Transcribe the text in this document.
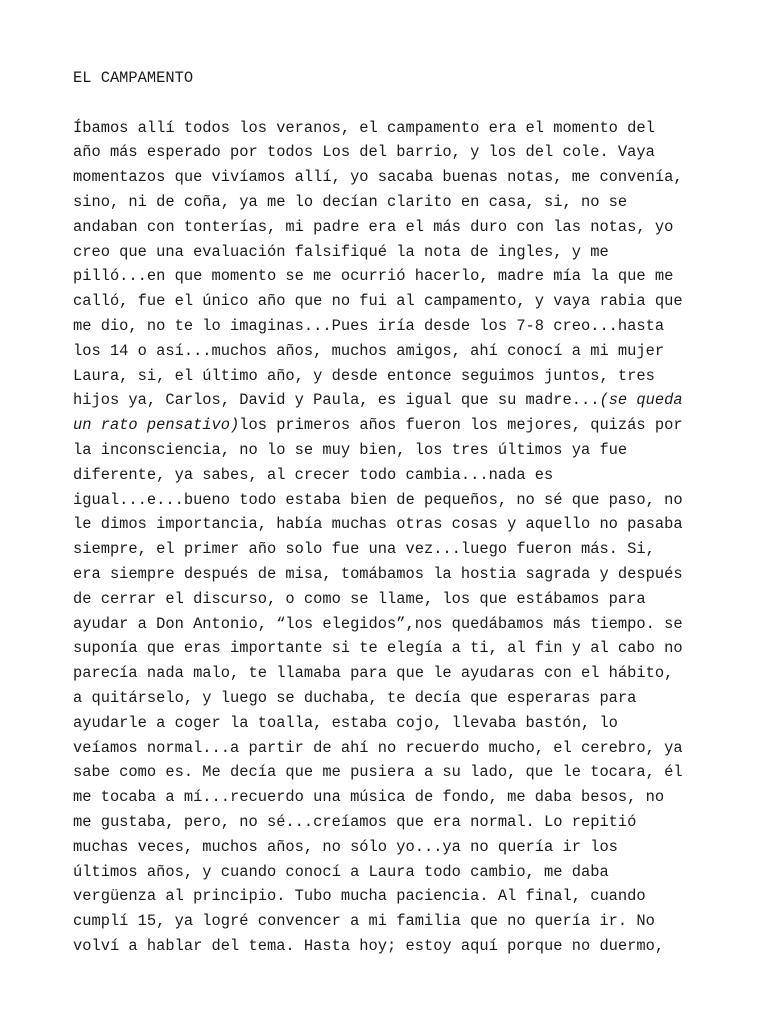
EL CAMPAMENTO
Íbamos allí todos los veranos, el campamento era el momento del
año más esperado por todos Los del barrio, y los del cole. Vaya
momentazos que vivíamos allí, yo sacaba buenas notas, me convenía,
sino, ni de coña, ya me lo decían clarito en casa, si, no se
andaban con tonterías, mi padre era el más duro con las notas, yo
creo que una evaluación falsifiqué la nota de ingles, y me
pilló...en que momento se me ocurrió hacerlo, madre mía la que me
calló, fue el único año que no fui al campamento, y vaya rabia que
me dio, no te lo imaginas...Pues iría desde los 7-8 creo...hasta
los 14 o así...muchos años, muchos amigos, ahí conocí a mi mujer
Laura, si, el último año, y desde entonce seguimos juntos, tres
hijos ya, Carlos, David y Paula, es igual que su madre...(se queda
un rato pensativo)los primeros años fueron los mejores, quizás por
la inconsciencia, no lo se muy bien, los tres últimos ya fue
diferente, ya sabes, al crecer todo cambia...nada es
igual...e...bueno todo estaba bien de pequeños, no sé que paso, no
le dimos importancia, había muchas otras cosas y aquello no pasaba
siempre, el primer año solo fue una vez...luego fueron más. Si,
era siempre después de misa, tomábamos la hostia sagrada y después
de cerrar el discurso, o como se llame, los que estábamos para
ayudar a Don Antonio, “los elegidos”,nos quedábamos más tiempo. se
suponía que eras importante si te elegía a ti, al fin y al cabo no
parecía nada malo, te llamaba para que le ayudaras con el hábito,
a quitárselo, y luego se duchaba, te decía que esperaras para
ayudarle a coger la toalla, estaba cojo, llevaba bastón, lo
veíamos normal...a partir de ahí no recuerdo mucho, el cerebro, ya
sabe como es. Me decía que me pusiera a su lado, que le tocara, él
me tocaba a mí...recuerdo una música de fondo, me daba besos, no
me gustaba, pero, no sé...creíamos que era normal. Lo repitió
muchas veces, muchos años, no sólo yo...ya no quería ir los
últimos años, y cuando conocí a Laura todo cambio, me daba
vergüenza al principio. Tubo mucha paciencia. Al final, cuando
cumplí 15, ya logré convencer a mi familia que no quería ir. No
volví a hablar del tema. Hasta hoy; estoy aquí porque no duermo,
